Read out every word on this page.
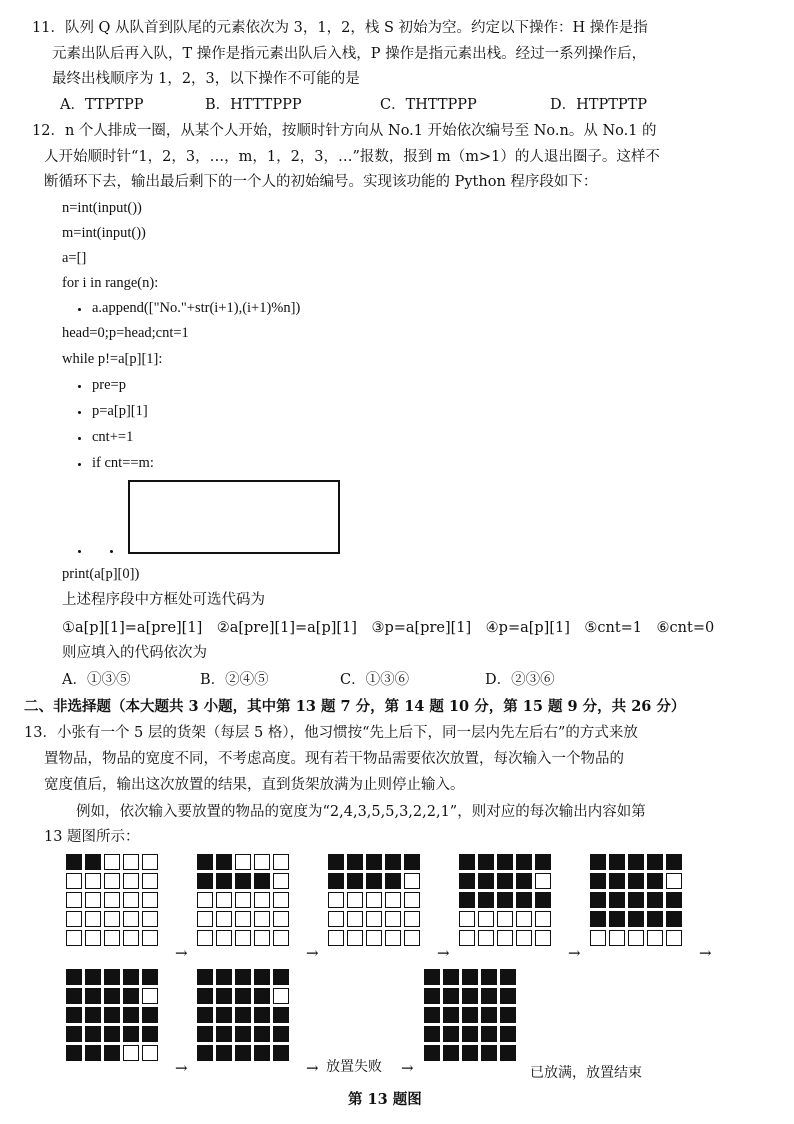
11．队列 Q 从队首到队尾的元素依次为 3，1，2，栈 S 初始为空。约定以下操作：H 操作是指
元素出队后再入队，T 操作是指元素出队后入栈，P 操作是指元素出栈。经过一系列操作后，
最终出栈顺序为 1，2，3，以下操作不可能的是
A．TTPTPP	B．HTTTPPP	C．THTTPPP	D．HTPTPTP
12．n 个人排成一圈，从某个人开始，按顺时针方向从 No.1 开始依次编号至 No.n。从 No.1 的
人开始顺时针“1，2，3，…，m，1，2，3，…”报数，报到 m（m>1）的人退出圈子。这样不
断循环下去，输出最后剩下的一个人的初始编号。实现该功能的 Python 程序段如下：
n=int(input())
m=int(input())
a=[]
for i in range(n):
a.append(["No."+str(i+1),(i+1)%n])
head=0;p=head;cnt=1
while p!=a[p][1]:
pre=p
p=a[p][1]
cnt+=1
if cnt==m:
print(a[p][0])
上述程序段中方框处可选代码为
①a[p][1]=a[pre][1]　②a[pre][1]=a[p][1]　③p=a[pre][1]　④p=a[p][1]　⑤cnt=1　⑥cnt=0
则应填入的代码依次为
A．①③⑤	B．②④⑤	C．①③⑥	D．②③⑥
二、非选择题（本大题共 3 小题，其中第 13 题 7 分，第 14 题 10 分，第 15 题 9 分，共 26 分）
13．小张有一个 5 层的货架（每层 5 格），他习惯按“先上后下，同一层内先左后右”的方式来放
置物品，物品的宽度不同，不考虑高度。现有若干物品需要依次放置，每次输入一个物品的
宽度值后，输出这次放置的结果，直到货架放满为止则停止输入。
例如，依次输入要放置的物品的宽度为“2,4,3,5,5,3,2,2,1”，则对应的每次输出内容如第
13 题图所示：
→	→	→	→	→
→	→ 放置失败 →	已放满，放置结束
第 13 题图
